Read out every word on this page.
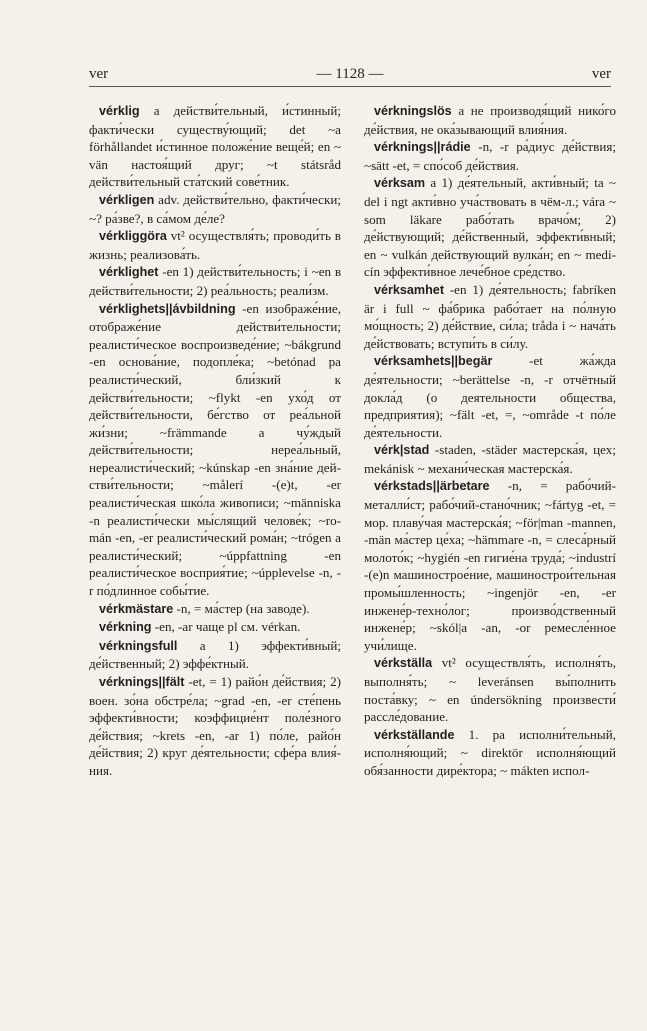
ver	— 1128 —	ver

vérklig a действи́тельный, и́стинный; факти́чески существу́ющий; det ~a förhållandet и́стинное положе́ние веще́й; en ~ vän настоя́щий друг; ~t státsråd действи́тельный ста́тский сове́тник.

vérkligen adv. действи́тельно, факти́чески; ~? ра́зве?, в са́мом де́ле?

vérkliggöra vt² осуществля́ть; проводи́ть в жизнь; реализова́ть.

vérklighet -en 1) действи́тельность; i ~en в действи́тельности; 2) реа́льность; реали́зм.

vérklighets||ávbildning -en изображе́ние, отображе́ние действи́тельности; реалисти́ческое воспроизведе́ние; ~bákgrund -en основа́ние, подопле́ка; ~betónad pa реалисти́ческий, бли́зкий к действи́тельности; ~flykt -en ухо́д от действи́тельности, бе́гство от реа́льной жи́зни; ~främmande a чу́ждый действи́тельности; нереа́льный, нереалисти́ческий; ~kúnskap -en зна́ние действи́тельности; ~målerí -(e)t, -er реалисти́ческая шко́ла живописи; ~människa -n реалисти́чески мы́слящий челове́к; ~román -en, -er реалисти́ческий рома́н; ~trógen a реалисти́ческий; ~úppfattning -en реалисти́ческое восприя́тие; ~úpplevelse -n, -r по́длинное собы́тие.

vérkmästare -n, = ма́стер (на заводе).

vérkning -en, -ar чаще pl см. vérkan.

vérkningsfull a 1) эффекти́вный; де́йственный; 2) эффе́ктный.

vérknings||fält -et, = 1) райо́н де́йствия; 2) воен. зо́на обстре́ла; ~grad -en, -er сте́пень эффекти́вности; коэффицие́нт поле́зного де́йствия; ~krets -en, -ar 1) по́ле, райо́н де́йствия; 2) круг де́ятельности; сфе́ра влия́ния.

vérkningslös a не производя́щий нико́го де́йствия, не ока́зывающий влия́ния.

vérknings||rádie -n, -r ра́диус де́йствия; ~sätt -et, = спо́соб де́йствия.

vérksam a 1) де́ятельный, акти́вный; ta ~ del i ngt акти́вно уча́ствовать в чём-л.; vára ~ som läkare рабо́тать врачо́м; 2) де́йствующий; де́йственный, эффекти́вный; en ~ vulkán действующий вулка́н; en ~ medicín эффекти́вное лече́бное сре́дство.

vérksamhet -en 1) де́ятельность; fabríken är i full ~ фа́брика рабо́тает на по́лную мо́щность; 2) де́йствие, си́ла; tråda i ~ нача́ть де́йствовать; вступи́ть в си́лу.

vérksamhets||begär	-et жа́жда де́ятельности; ~berättelse -n, -r отчётный докла́д (о деятельности общества, предприятия); ~fält -et, =, ~område -t по́ле де́ятельности.

vérk|stad -staden, -städer мастерска́я, цех; mekánisk ~ механи́ческая мастерска́я.

vérkstads||ärbetare -n, = рабо́чий-металли́ст; рабо́чий-стано́чник; ~fártyg -et, = мор. плаву́чая мастерска́я; ~för|man -mannen, -män ма́стер це́ха; ~hämmare -n, = слеса́рный молото́к; ~hygién -en гигие́на труда́; ~industrí -(e)n машинострое́ние, машинострои́тельная промы́шленность; ~ingenjör -en, -er инжене́р-техно́лог; произво́дственный инжене́р; ~skól|a -an, -or ремесле́нное учи́лище.

vérkställa vt² осуществля́ть, исполня́ть, выполня́ть; ~ leveránsen вы́полнить поста́вку; ~ en úndersökning произвести́ рассле́дование.

vérkställande 1. pa исполни́тельный, исполня́ющий; ~ direktör исполня́ющий обя́занности дире́ктора; ~ mákten испол-
